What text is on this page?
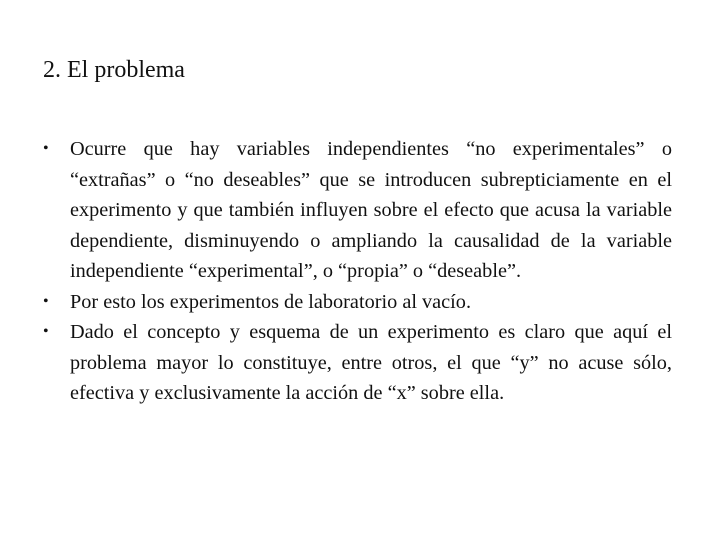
2. El problema
• Ocurre que hay variables independientes “no experimentales” o “extrañas” o “no deseables” que se introducen subrepticiamente en el experimento y que también influyen sobre el efecto que acusa la variable dependiente, disminuyendo o ampliando la causalidad de la variable independiente “experimental”, o “propia” o “deseable”.
• Por esto los experimentos de laboratorio al vacío.
• Dado el concepto y esquema de un experimento es claro que aquí el problema mayor lo constituye, entre otros, el que “y” no acuse sólo, efectiva y exclusivamente la acción de “x” sobre ella.
